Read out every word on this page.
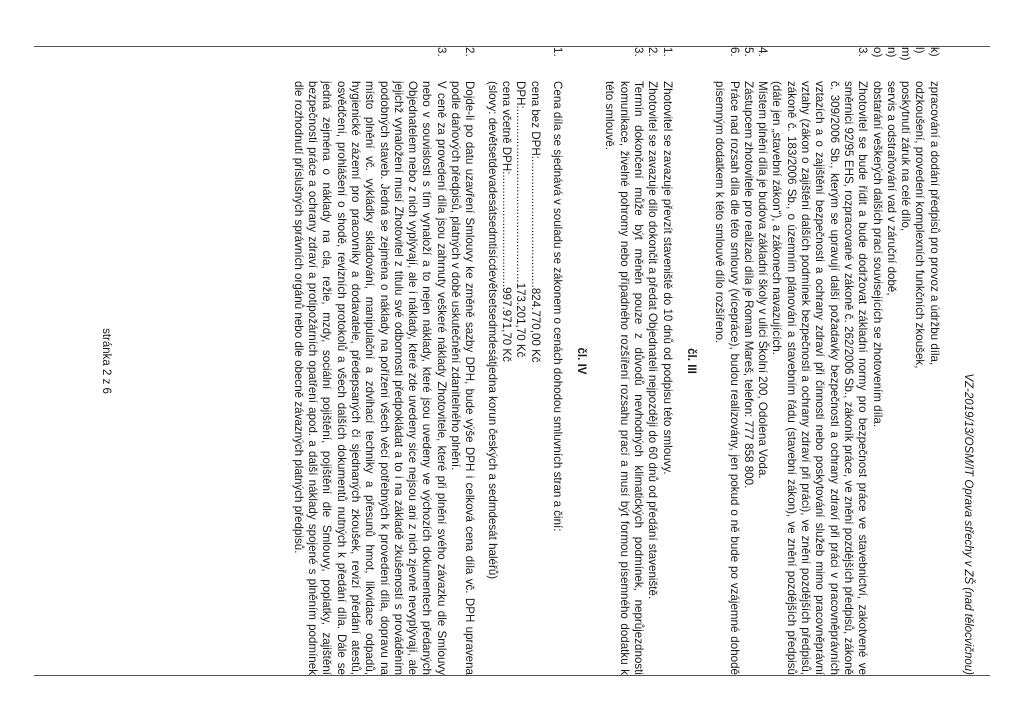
VZ-2019/13/OSM/IT Oprava střechy v ZŠ (nad tělocvičnou)
k)
zpracování a dodání předpisů pro provoz a údržbu díla,
l)
odzkoušení, provedení komplexních funkčních zkoušek,
m)
poskytnutí záruk na celé dílo,
n)
servis a odstraňování vad v záruční době,
o)
obstarání veškerých dalších prací souvisejících se zhotovením díla.
3.
Zhotovitel se bude řídit a bude dodržovat základní normy pro bezpečnost práce ve stavebnictví, zakotvené ve směrnici 92/95 EHS, rozpracované v zákoně č. 262/2006 Sb., zákoník práce, ve znění pozdějších předpisů, zákoně č. 309/2006 Sb., kterým se upravují další požadavky bezpečnosti a ochrany zdraví při práci v pracovněprávních vztazích a o zajištění bezpečnosti a ochrany zdraví při činnosti nebo poskytování služeb mimo pracovněprávní vztahy (zákon o zajištění dalších podmínek bezpečnosti a ochrany zdraví při práci), ve znění pozdějších předpisů, zákoně č. 183/2006 Sb., o územním plánování a stavebním řádu (stavební zákon), ve znění pozdějších předpisů (dále jen „stavební zákon“), a zákonech navazujících.
4.
Místem plnění díla je budova základní školy v ulici Školní 200, Odolena Voda.
5.
Zástupcem zhotovitele pro realizaci díla je Roman Mareš, telefon: 777 858 800.
6.
Práce nad rozsah díla dle této smlouvy (vícepráce), budou realizovány, jen pokud o ně bude po vzájemné dohodě písemným dodatkem k této smlouvě dílo rozšířeno.
čl. III
1.
Zhotovitel se zavazuje převzít staveniště do 10 dnů od podpisu této smlouvy.
2.
Zhotovitel se zavazuje dílo dokončit a předat Objednateli nejpozději do 60 dnů od předání staveniště.
3.
Termín dokončení může být měněn pouze z důvodů nevhodných klimatických podmínek, neprůjezdnosti komunikace, živelné pohromy nebo případného rozšíření rozsahu prací a musí být formou písemného dodatku k této smlouvě.
čl. IV
1.
Cena díla se sjednává v souladu se zákonem o cenách dohodou smluvních stran a činí:
cena bez DPH:........................................824.770,00 Kč
DPH:......................................................173.201,70 Kč
cena včetně DPH:...................................997.971,70 Kč
(slovy: devětsetdevadesátsedmtisícdevětsetsedmdesátjedna korun českých a sedmdesát haléřů)
2.
Dojde-li po datu uzavření Smlouvy ke změně sazby DPH, bude výše DPH i celková cena díla vč. DPH upravena podle daňových předpisů, platných v době uskutečnění zdanitelného plnění.
3.
V ceně za provedení díla jsou zahrnuty veškeré náklady Zhotovitele, které při plnění svého závazku dle Smlouvy nebo v souvislosti s tím vynaloží a to nejen náklady, které jsou uvedeny ve výchozích dokumentech předaných Objednatelem nebo z nich vyplývají, ale i náklady, které zde uvedeny sice nejsou ani z nich zjevně nevyplývají, ale jejichž vynaložení musí Zhotovitel z titulu své odbornosti předpokládat a to i na základě zkušeností s prováděním podobných staveb. Jedná se zejména o náklady na pořízení všech věcí potřebných k provedení díla, dopravu na místo plnění vč. vykládky skladování, manipulační a zdvihací techniky a přesunů hmot, likvidace odpadů, hygienické zázemí pro pracovníky a dodavatele, předepsaných či sjednaných zkoušek, revizí předání atestů, osvědčení, prohlášení o shodě, revizních protokolů a všech dalších dokumentů nutných k předání díla. Dále se jedná zejména o náklady na cla, režie, mzdy, sociální pojištění, pojištění dle Smlouvy, poplatky, zajištění bezpečnosti práce a ochrany zdraví a protipožárních opatření apod. a další náklady spojené s plněním podmínek dle rozhodnutí příslušných správních orgánů nebo dle obecně závazných platných předpisů.
stránka 2 z 6
